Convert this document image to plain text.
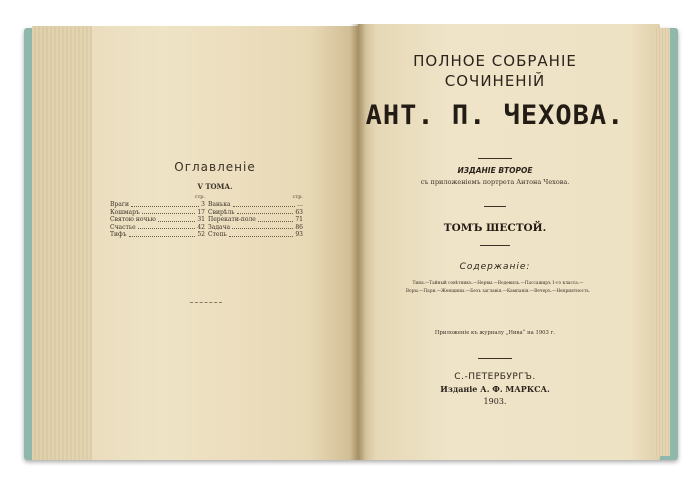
Оглавленіе
V ТОМА.
стр.
Враги	3
Кошмаръ	17
Святою ночью	31
Счастье	42
Тифъ	52
стр.
Ванька	...
Свирѣль	63
Перекати-поле	71
Задача	86
Степь	93
ПОЛНОЕ СОБРАНІЕ
СОЧИНЕНІЙ
АНТ. П. ЧЕХОВА.
ИЗДАНІЕ ВТОРОЕ
съ приложеніемъ портрета Антона Чехова.
ТОМЪ ШЕСТОЙ.
Содержаніе:
Тина.—Тайный совѣтникъ.—Нервы.—Водевиль.—Пассажиръ 1-го класса.—
Воры.—Пари.—Женщины.—Безъ заглавія.—Кампанія.—Вечеръ.—Неприятность.
Приложеніе къ журналу „Нива“ на 1903 г.
С.-ПЕТЕРБУРГЪ.
Изданіе А. Ф. МАРКСА.
1903.
